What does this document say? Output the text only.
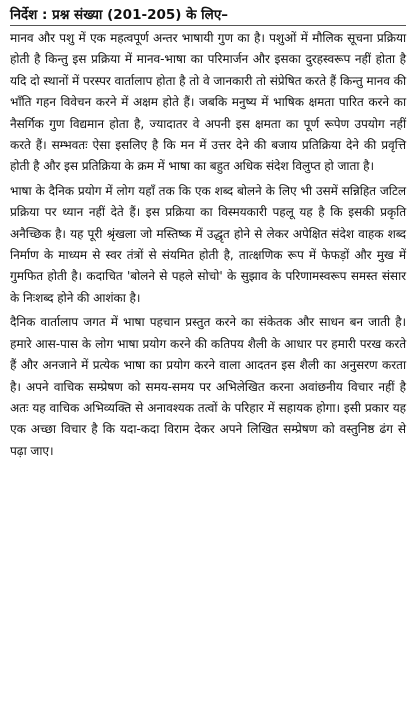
निर्देश : प्रश्न संख्या (201-205) के लिए–

मानव और पशु में एक महत्वपूर्ण अन्तर भाषायी गुण का है। पशुओं में मौलिक सूचना प्रक्रिया होती है किन्तु इस प्रक्रिया में मानव-भाषा का परिमार्जन और इसका दुरहस्वरूप नहीं होता है यदि दो स्थानों में परस्पर वार्तालाप होता है तो वे जानकारी तो संप्रेषित करते हैं किन्तु मानव की भाँति गहन विवेचन करने में अक्षम होते हैं। जबकि मनुष्य में भाषिक क्षमता पारित करने का नैसर्गिक गुण विद्यमान होता है, ज्यादातर वे अपनी इस क्षमता का पूर्ण रूपेण उपयोग नहीं करते हैं। सम्भवतः ऐसा इसलिए है कि मन में उत्तर देने की बजाय प्रतिक्रिया देने की प्रवृत्ति होती है और इस प्रतिक्रिया के क्रम में भाषा का बहुत अधिक संदेश विलुप्त हो जाता है।

भाषा के दैनिक प्रयोग में लोग यहाँ तक कि एक शब्द बोलने के लिए भी उसमें सन्निहित जटिल प्रक्रिया पर ध्यान नहीं देते हैं। इस प्रक्रिया का विस्मयकारी पहलू यह है कि इसकी प्रकृति अनैच्छिक है। यह पूरी श्रृंखला जो मस्तिष्क में उद्धृत होने से लेकर अपेक्षित संदेश वाहक शब्द निर्माण के माध्यम से स्वर तंत्रों से संयमित होती है, तात्क्षणिक रूप में फेफड़ों और मुख में गुमफित होती है। कदाचित 'बोलने से पहले सोचो' के सुझाव के परिणामस्वरूप समस्त संसार के निःशब्द होने की आशंका है।

दैनिक वार्तालाप जगत में भाषा पहचान प्रस्तुत करने का संकेतक और साधन बन जाती है। हमारे आस-पास के लोग भाषा प्रयोग करने की कतिपय शैली के आधार पर हमारी परख करते हैं और अनजाने में प्रत्येक भाषा का प्रयोग करने वाला आदतन इस शैली का अनुसरण करता है। अपने वाचिक सम्प्रेषण को समय-समय पर अभिलेखित करना अवांछनीय विचार नहीं है अतः यह वाचिक अभिव्यक्ति से अनावश्यक तत्वों के परिहार में सहायक होगा। इसी प्रकार यह एक अच्छा विचार है कि यदा-कदा विराम देकर अपने लिखित सम्प्रेषण को वस्तुनिष्ठ ढंग से पढ़ा जाए।
